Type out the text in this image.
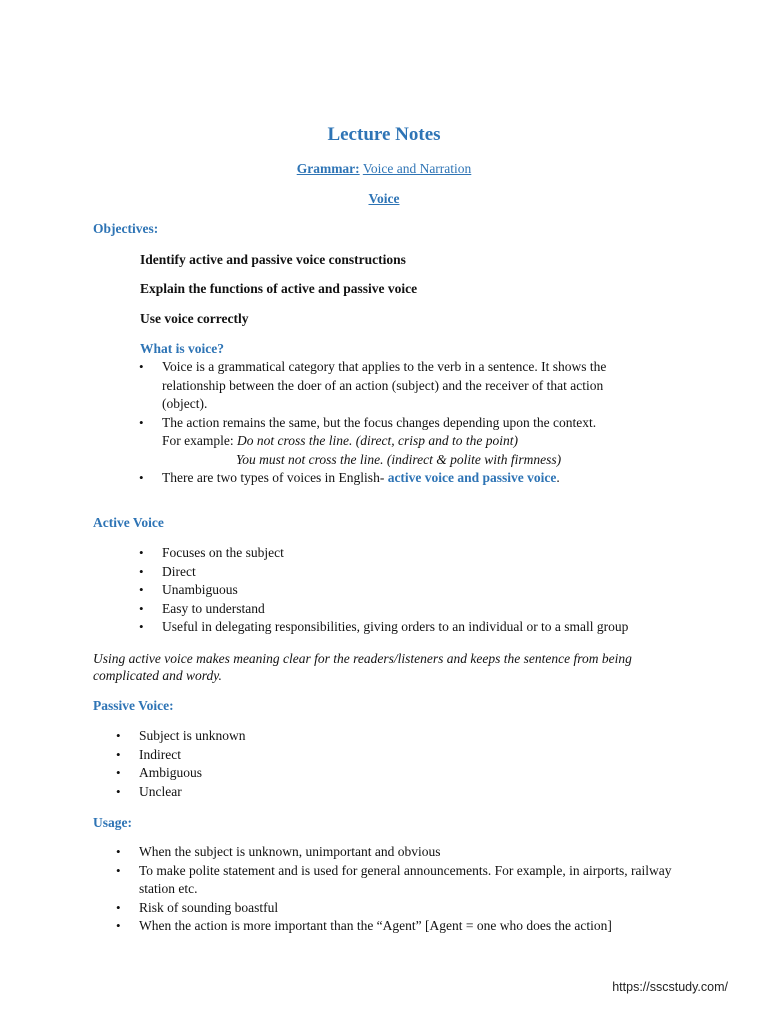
Lecture Notes
Grammar: Voice and Narration
Voice
Objectives:
Identify active and passive voice constructions
Explain the functions of active and passive voice
Use voice correctly
What is voice?
• Voice is a grammatical category that applies to the verb in a sentence. It shows the relationship between the doer of an action (subject) and the receiver of that action (object).
• The action remains the same, but the focus changes depending upon the context.
For example: Do not cross the line. (direct, crisp and to the point)
You must not cross the line. (indirect & polite with firmness)
• There are two types of voices in English- active voice and passive voice.
Active Voice
• Focuses on the subject
• Direct
• Unambiguous
• Easy to understand
• Useful in delegating responsibilities, giving orders to an individual or to a small group
Using active voice makes meaning clear for the readers/listeners and keeps the sentence from being complicated and wordy.
Passive Voice:
• Subject is unknown
• Indirect
• Ambiguous
• Unclear
Usage:
• When the subject is unknown, unimportant and obvious
• To make polite statement and is used for general announcements. For example, in airports, railway station etc.
• Risk of sounding boastful
• When the action is more important than the “Agent” [Agent = one who does the action]
https://sscstudy.com/
